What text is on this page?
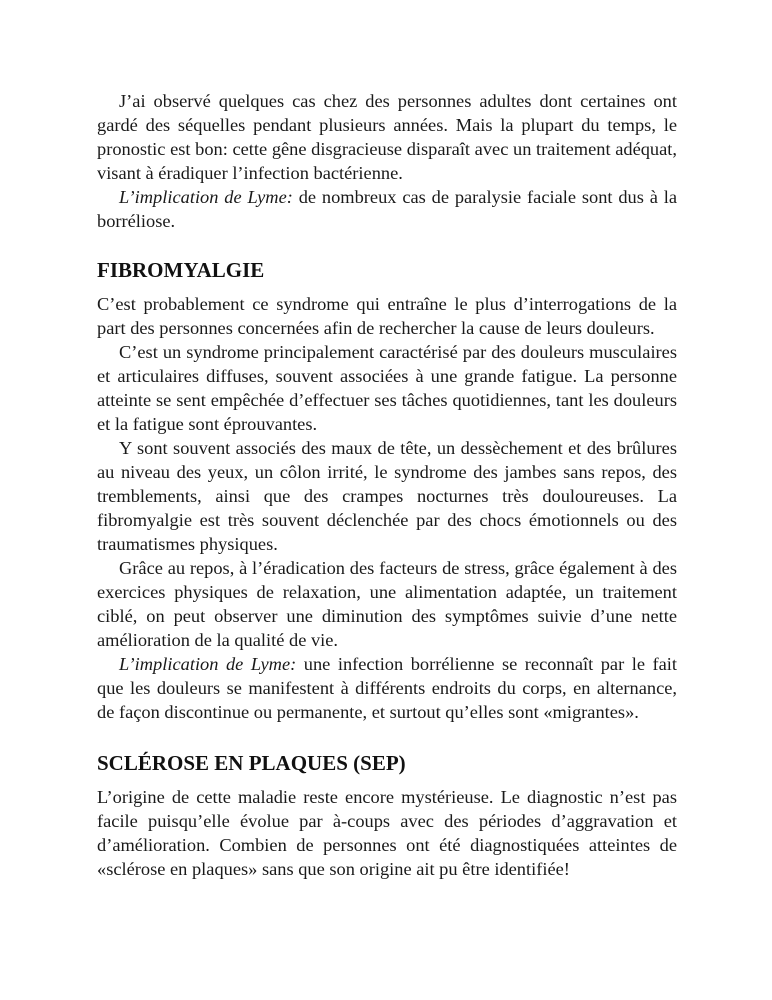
J’ai observé quelques cas chez des personnes adultes dont certaines ont gardé des séquelles pendant plusieurs années. Mais la plupart du temps, le pronostic est bon: cette gêne disgracieuse disparaît avec un traitement adéquat, visant à éradiquer l’infection bactérienne.

L’implication de Lyme: de nombreux cas de paralysie faciale sont dus à la borréliose.

FIBROMYALGIE

C’est probablement ce syndrome qui entraîne le plus d’interrogations de la part des personnes concernées afin de rechercher la cause de leurs douleurs.

C’est un syndrome principalement caractérisé par des douleurs musculaires et articulaires diffuses, souvent associées à une grande fatigue. La personne atteinte se sent empêchée d’effectuer ses tâches quotidiennes, tant les douleurs et la fatigue sont éprouvantes.

Y sont souvent associés des maux de tête, un dessèchement et des brûlures au niveau des yeux, un côlon irrité, le syndrome des jambes sans repos, des tremblements, ainsi que des crampes nocturnes très douloureuses. La fibromyalgie est très souvent déclenchée par des chocs émotionnels ou des traumatismes physiques.

Grâce au repos, à l’éradication des facteurs de stress, grâce également à des exercices physiques de relaxation, une alimentation adaptée, un traitement ciblé, on peut observer une diminution des symptômes suivie d’une nette amélioration de la qualité de vie.

L’implication de Lyme: une infection borrélienne se reconnaît par le fait que les douleurs se manifestent à différents endroits du corps, en alternance, de façon discontinue ou permanente, et surtout qu’elles sont «migrantes».

SCLÉROSE EN PLAQUES (SEP)

L’origine de cette maladie reste encore mystérieuse. Le diagnostic n’est pas facile puisqu’elle évolue par à-coups avec des périodes d’aggravation et d’amélioration. Combien de personnes ont été diagnostiquées atteintes de «sclérose en plaques» sans que son origine ait pu être identifiée!
